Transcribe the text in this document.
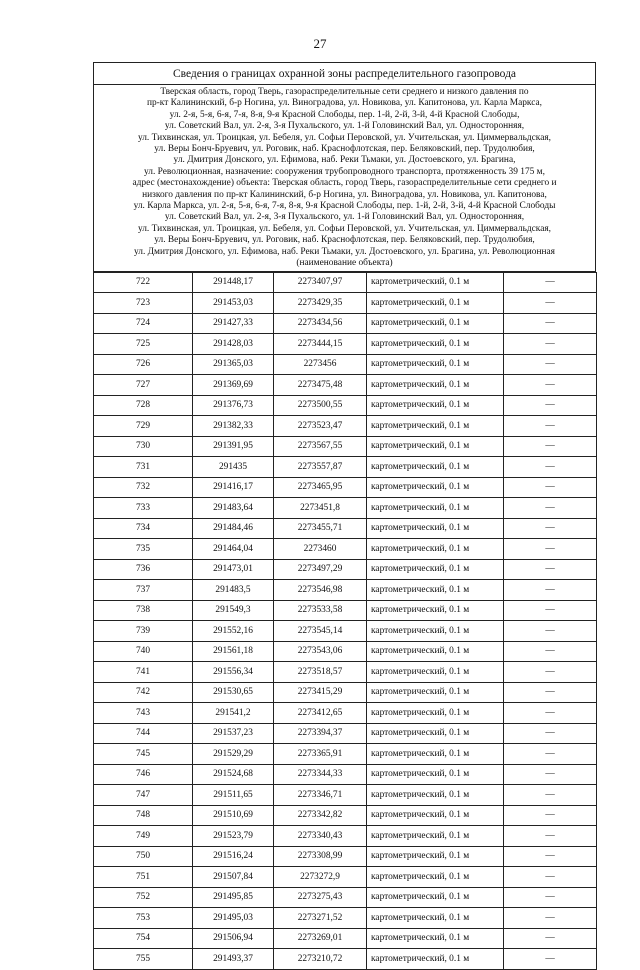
27
Сведения о границах охранной зоны распределительного газопровода
Тверская область, город Тверь, газораспределительные сети среднего и низкого давления по
пр-кт Калининский, б-р Ногина, ул. Виноградова, ул. Новикова, ул. Капитонова, ул. Карла Маркса,
ул. 2-я, 5-я, 6-я, 7-я, 8-я, 9-я Красной Слободы, пер. 1-й, 2-й, 3-й, 4-й Красной Слободы,
ул. Советский Вал, ул. 2-я, 3-я Пухальского, ул. 1-й Головинский Вал, ул. Односторонняя,
ул. Тихвинская, ул. Троицкая, ул. Бебеля, ул. Софьи Перовской, ул. Учительская, ул. Циммервальдская,
ул. Веры Бонч-Бруевич, ул. Роговик, наб. Краснофлотская, пер. Беляковский, пер. Трудолюбия,
ул. Дмитрия Донского, ул. Ефимова, наб. Реки Тьмаки, ул. Достоевского, ул. Брагина,
ул. Революционная, назначение: сооружения трубопроводного транспорта, протяженность 39 175 м,
адрес (местонахождение) объекта: Тверская область, город Тверь, газораспределительные сети среднего и
низкого давления по пр-кт Калининский, б-р Ногина, ул. Виноградова, ул. Новикова, ул. Капитонова,
ул. Карла Маркса, ул. 2-я, 5-я, 6-я, 7-я, 8-я, 9-я Красной Слободы, пер. 1-й, 2-й, 3-й, 4-й Красной Слободы
ул. Советский Вал, ул. 2-я, 3-я Пухальского, ул. 1-й Головинский Вал, ул. Односторонняя,
ул. Тихвинская, ул. Троицкая, ул. Бебеля, ул. Софьи Перовской, ул. Учительская, ул. Циммервальдская,
ул. Веры Бонч-Бруевич, ул. Роговик, наб. Краснофлотская, пер. Беляковский, пер. Трудолюбия,
ул. Дмитрия Донского, ул. Ефимова, наб. Реки Тьмаки, ул. Достоевского, ул. Брагина, ул. Революционная
(наименование объекта)
722	291448,17	2273407,97	картометрический, 0.1 м	—
723	291453,03	2273429,35	картометрический, 0.1 м	—
724	291427,33	2273434,56	картометрический, 0.1 м	—
725	291428,03	2273444,15	картометрический, 0.1 м	—
726	291365,03	2273456	картометрический, 0.1 м	—
727	291369,69	2273475,48	картометрический, 0.1 м	—
728	291376,73	2273500,55	картометрический, 0.1 м	—
729	291382,33	2273523,47	картометрический, 0.1 м	—
730	291391,95	2273567,55	картометрический, 0.1 м	—
731	291435	2273557,87	картометрический, 0.1 м	—
732	291416,17	2273465,95	картометрический, 0.1 м	—
733	291483,64	2273451,8	картометрический, 0.1 м	—
734	291484,46	2273455,71	картометрический, 0.1 м	—
735	291464,04	2273460	картометрический, 0.1 м	—
736	291473,01	2273497,29	картометрический, 0.1 м	—
737	291483,5	2273546,98	картометрический, 0.1 м	—
738	291549,3	2273533,58	картометрический, 0.1 м	—
739	291552,16	2273545,14	картометрический, 0.1 м	—
740	291561,18	2273543,06	картометрический, 0.1 м	—
741	291556,34	2273518,57	картометрический, 0.1 м	—
742	291530,65	2273415,29	картометрический, 0.1 м	—
743	291541,2	2273412,65	картометрический, 0.1 м	—
744	291537,23	2273394,37	картометрический, 0.1 м	—
745	291529,29	2273365,91	картометрический, 0.1 м	—
746	291524,68	2273344,33	картометрический, 0.1 м	—
747	291511,65	2273346,71	картометрический, 0.1 м	—
748	291510,69	2273342,82	картометрический, 0.1 м	—
749	291523,79	2273340,43	картометрический, 0.1 м	—
750	291516,24	2273308,99	картометрический, 0.1 м	—
751	291507,84	2273272,9	картометрический, 0.1 м	—
752	291495,85	2273275,43	картометрический, 0.1 м	—
753	291495,03	2273271,52	картометрический, 0.1 м	—
754	291506,94	2273269,01	картометрический, 0.1 м	—
755	291493,37	2273210,72	картометрический, 0.1 м	—
